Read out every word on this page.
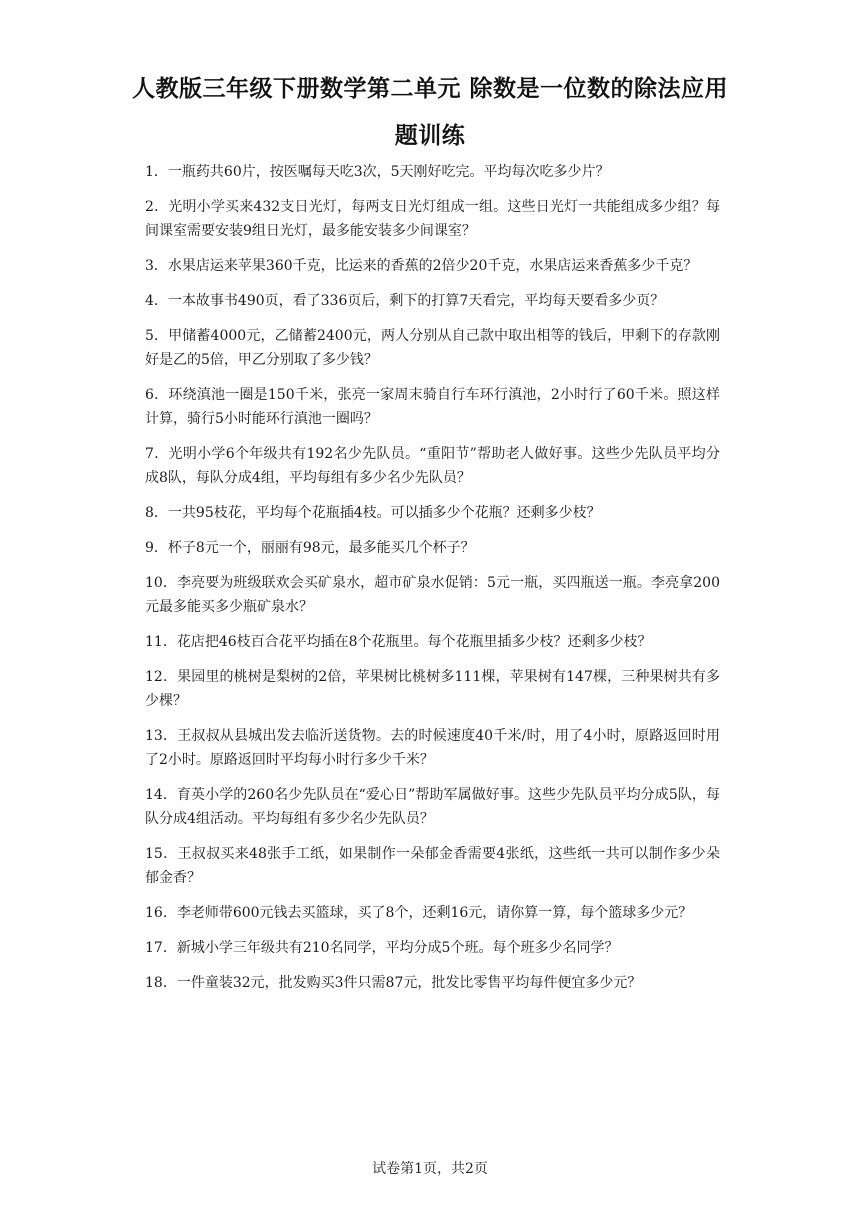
人教版三年级下册数学第二单元 除数是一位数的除法应用
题训练

1．一瓶药共60片，按医嘱每天吃3次，5天刚好吃完。平均每次吃多少片？

2．光明小学买来432支日光灯，每两支日光灯组成一组。这些日光灯一共能组成多少组？每间课室需要安装9组日光灯，最多能安装多少间课室？

3．水果店运来苹果360千克，比运来的香蕉的2倍少20千克，水果店运来香蕉多少千克？

4．一本故事书490页，看了336页后，剩下的打算7天看完，平均每天要看多少页？

5．甲储蓄4000元，乙储蓄2400元，两人分别从自己款中取出相等的钱后，甲剩下的存款刚好是乙的5倍，甲乙分别取了多少钱？

6．环绕滇池一圈是150千米，张亮一家周末骑自行车环行滇池，2小时行了60千米。照这样计算，骑行5小时能环行滇池一圈吗？

7．光明小学6个年级共有192名少先队员。“重阳节”帮助老人做好事。这些少先队员平均分成8队，每队分成4组，平均每组有多少名少先队员？

8．一共95枝花，平均每个花瓶插4枝。可以插多少个花瓶？还剩多少枝？

9．杯子8元一个，丽丽有98元，最多能买几个杯子？

10．李亮要为班级联欢会买矿泉水，超市矿泉水促销：5元一瓶，买四瓶送一瓶。李亮拿200元最多能买多少瓶矿泉水？

11．花店把46枝百合花平均插在8个花瓶里。每个花瓶里插多少枝？还剩多少枝？

12．果园里的桃树是梨树的2倍，苹果树比桃树多111棵，苹果树有147棵，三种果树共有多少棵？

13．王叔叔从县城出发去临沂送货物。去的时候速度40千米/时，用了4小时，原路返回时用了2小时。原路返回时平均每小时行多少千米？

14．育英小学的260名少先队员在“爱心日”帮助军属做好事。这些少先队员平均分成5队，每队分成4组活动。平均每组有多少名少先队员？

15．王叔叔买来48张手工纸，如果制作一朵郁金香需要4张纸，这些纸一共可以制作多少朵郁金香？

16．李老师带600元钱去买篮球，买了8个，还剩16元，请你算一算，每个篮球多少元？

17．新城小学三年级共有210名同学，平均分成5个班。每个班多少名同学？

18．一件童装32元，批发购买3件只需87元，批发比零售平均每件便宜多少元？

试卷第1页，共2页
